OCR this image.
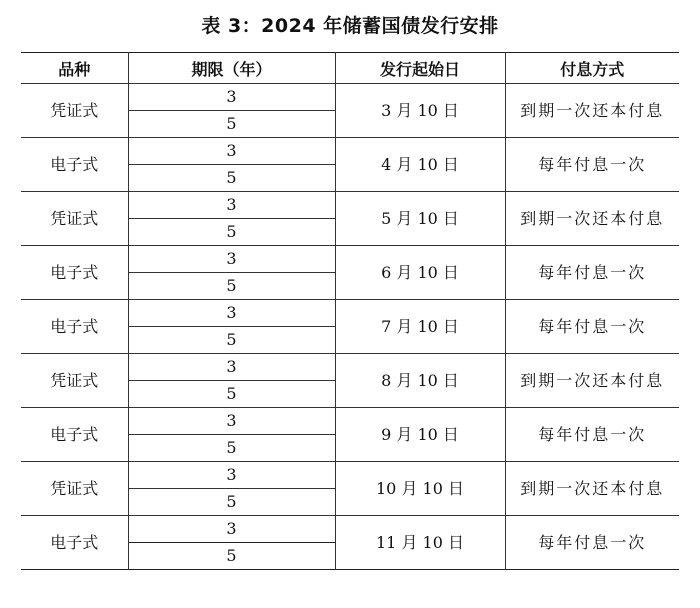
表 3：2024 年储蓄国债发行安排
品种	期限（年）	发行起始日	付息方式
凭证式	3	3 月 10 日	到期一次还本付息
	5		
电子式	3	4 月 10 日	每年付息一次
	5		
凭证式	3	5 月 10 日	到期一次还本付息
	5		
电子式	3	6 月 10 日	每年付息一次
	5		
电子式	3	7 月 10 日	每年付息一次
	5		
凭证式	3	8 月 10 日	到期一次还本付息
	5		
电子式	3	9 月 10 日	每年付息一次
	5		
凭证式	3	10 月 10 日	到期一次还本付息
	5		
电子式	3	11 月 10 日	每年付息一次
	5		
